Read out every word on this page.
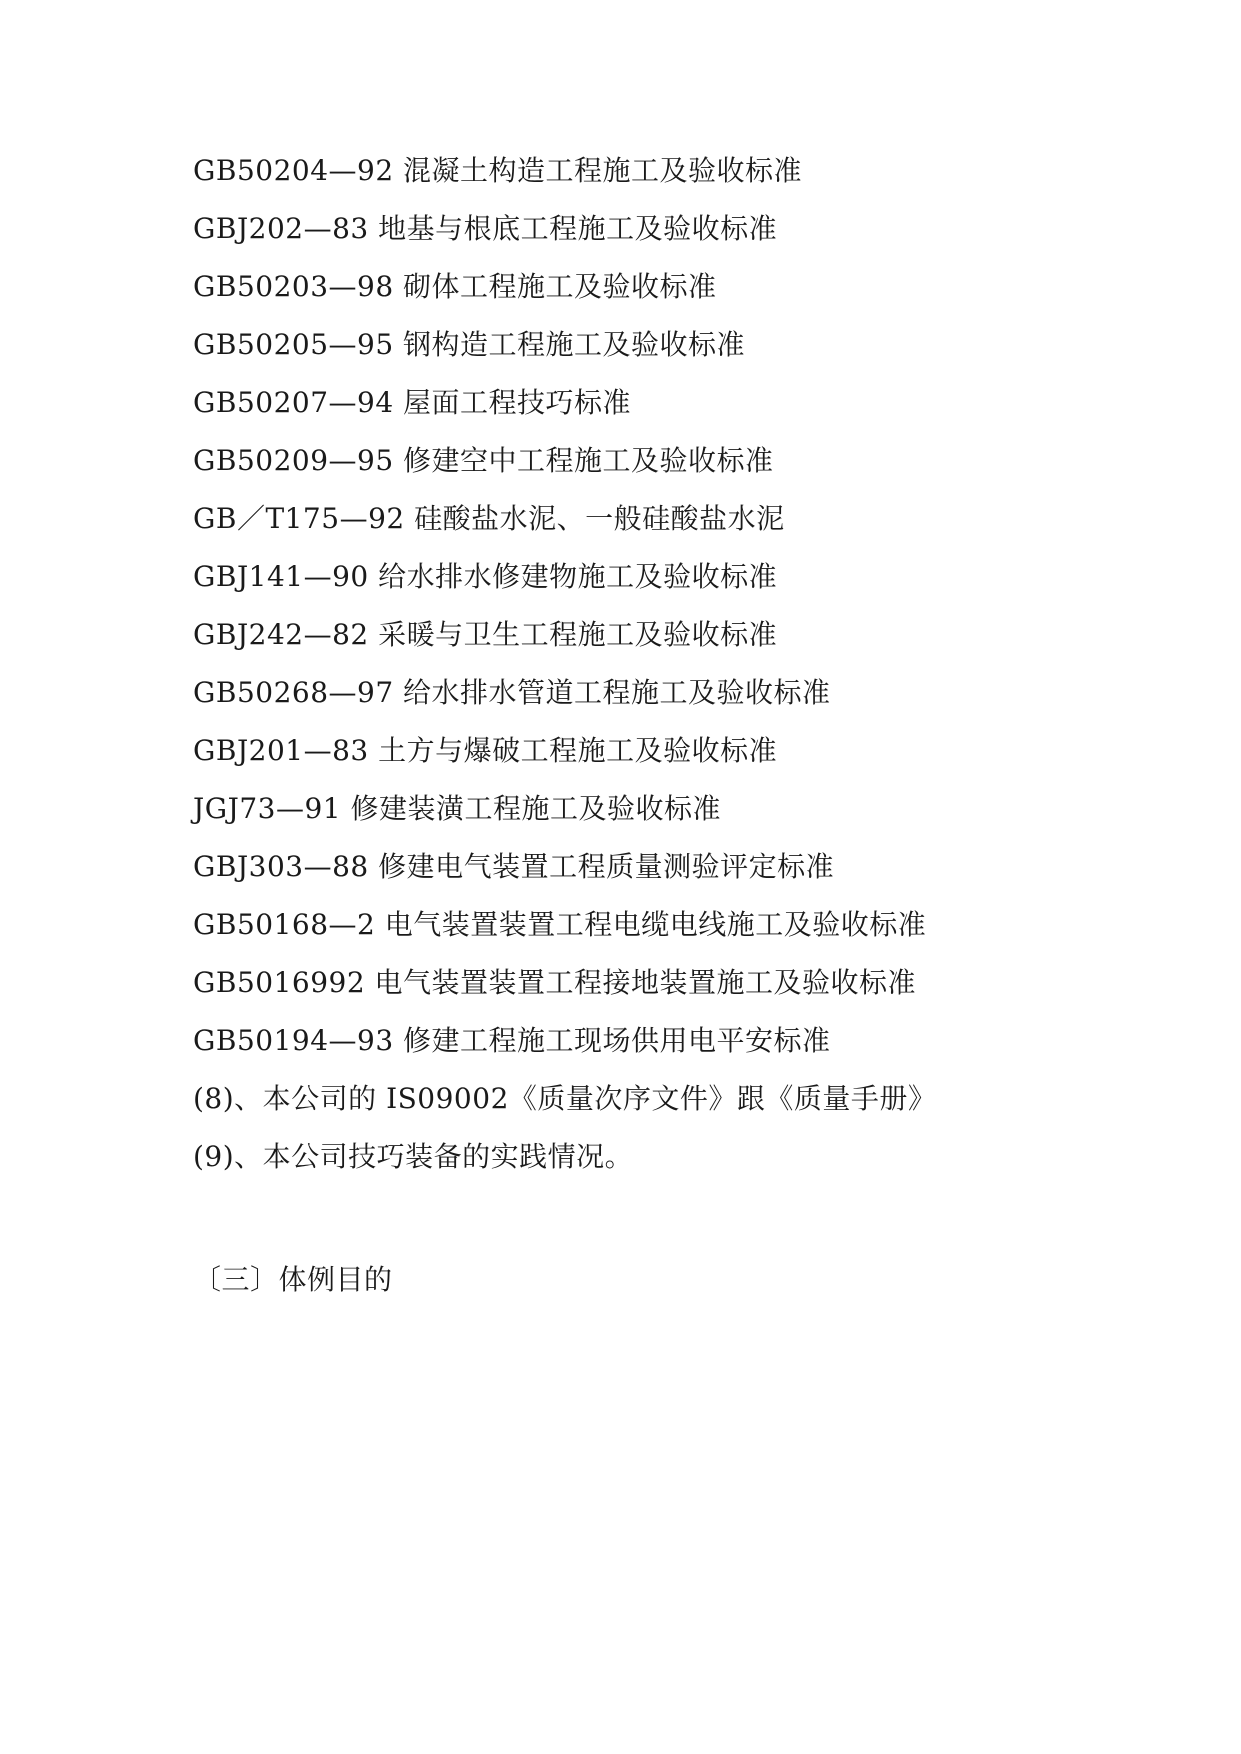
GB50204—92 混凝土构造工程施工及验收标准
GBJ202—83 地基与根底工程施工及验收标准
GB50203—98 砌体工程施工及验收标准
GB50205—95 钢构造工程施工及验收标准
GB50207—94 屋面工程技巧标准
GB50209—95 修建空中工程施工及验收标准
GB／T175—92 硅酸盐水泥、一般硅酸盐水泥
GBJ141—90 给水排水修建物施工及验收标准
GBJ242—82 采暖与卫生工程施工及验收标准
GB50268—97 给水排水管道工程施工及验收标准
GBJ201—83 土方与爆破工程施工及验收标准
JGJ73—91 修建装潢工程施工及验收标准
GBJ303—88 修建电气装置工程质量测验评定标准
GB50168—2 电气装置装置工程电缆电线施工及验收标准
GB5016992 电气装置装置工程接地装置施工及验收标准
GB50194—93 修建工程施工现场供用电平安标准
(8)、本公司的 IS09002《质量次序文件》跟《质量手册》
(9)、本公司技巧装备的实践情况。
〔三〕体例目的
